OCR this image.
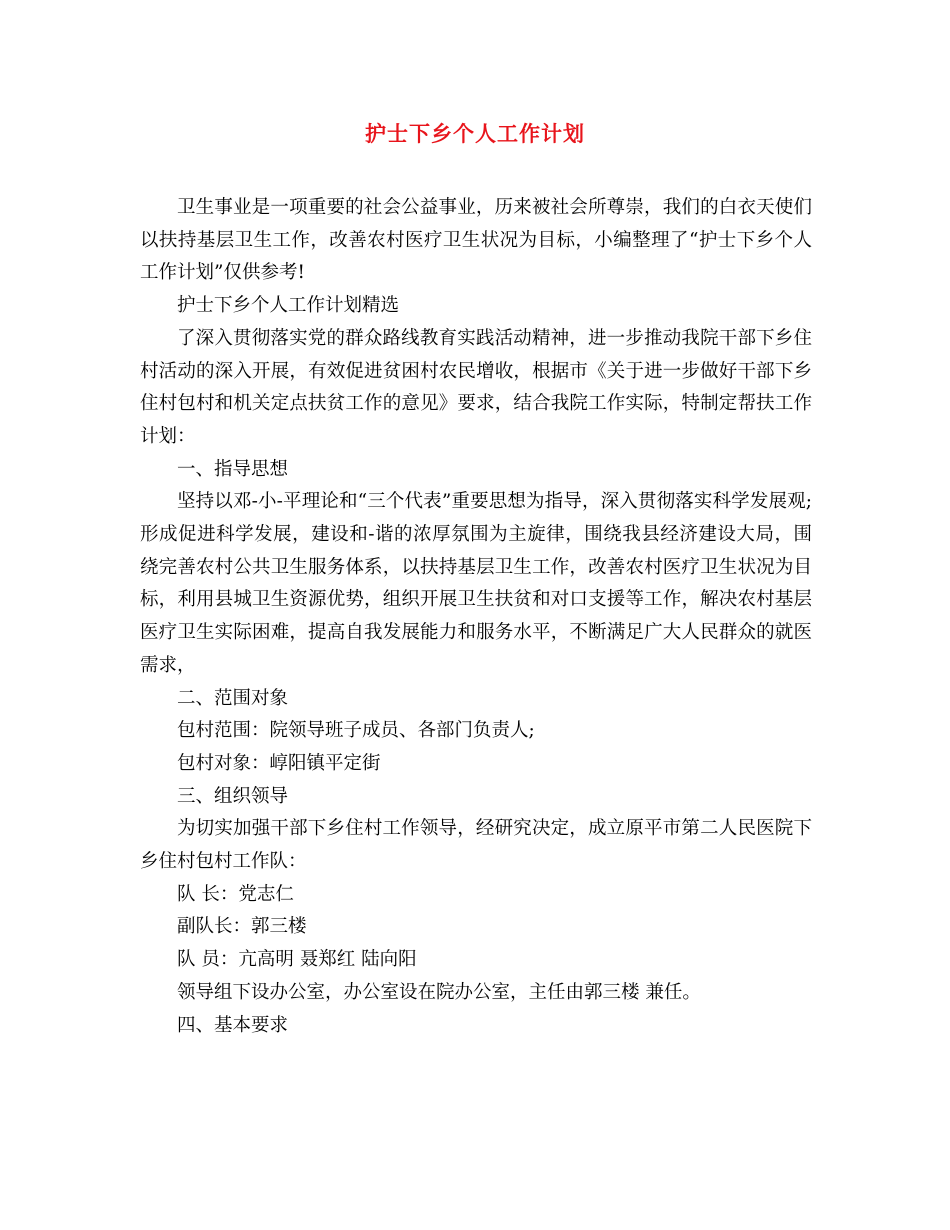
护士下乡个人工作计划

卫生事业是一项重要的社会公益事业，历来被社会所尊崇，我们的白衣天使们以扶持基层卫生工作，改善农村医疗卫生状况为目标，小编整理了“护士下乡个人工作计划”仅供参考!

护士下乡个人工作计划精选

了深入贯彻落实党的群众路线教育实践活动精神，进一步推动我院干部下乡住村活动的深入开展，有效促进贫困村农民增收，根据市《关于进一步做好干部下乡住村包村和机关定点扶贫工作的意见》要求，结合我院工作实际，特制定帮扶工作计划：

一、指导思想

坚持以邓-小-平理论和“三个代表”重要思想为指导，深入贯彻落实科学发展观;形成促进科学发展，建设和-谐的浓厚氛围为主旋律，围绕我县经济建设大局，围绕完善农村公共卫生服务体系，以扶持基层卫生工作，改善农村医疗卫生状况为目标，利用县城卫生资源优势，组织开展卫生扶贫和对口支援等工作，解决农村基层医疗卫生实际困难，提高自我发展能力和服务水平，不断满足广大人民群众的就医需求，

二、范围对象

包村范围：院领导班子成员、各部门负责人;

包村对象：崞阳镇平定街

三、组织领导

为切实加强干部下乡住村工作领导，经研究决定，成立原平市第二人民医院下乡住村包村工作队：

队 长：党志仁

副队长：郭三楼

队 员：亢高明 聂郑红 陆向阳

领导组下设办公室，办公室设在院办公室，主任由郭三楼 兼任。

四、基本要求
